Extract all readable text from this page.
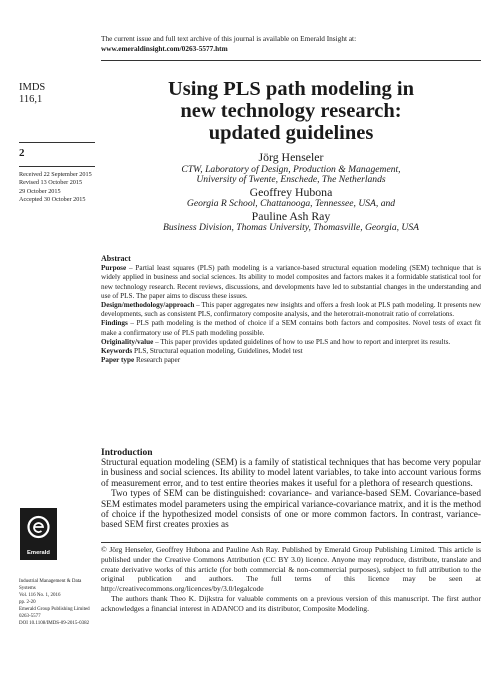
The current issue and full text archive of this journal is available on Emerald Insight at:
www.emeraldinsight.com/0263-5577.htm
IMDS
116,1
2
Received 22 September 2015
Revised 13 October 2015
29 October 2015
Accepted 30 October 2015
Using PLS path modeling in
new technology research:
updated guidelines
Jörg Henseler
CTW, Laboratory of Design, Production & Management,
University of Twente, Enschede, The Netherlands
Geoffrey Hubona
Georgia R School, Chattanooga, Tennessee, USA, and
Pauline Ash Ray
Business Division, Thomas University, Thomasville, Georgia, USA
Abstract

Purpose – Partial least squares (PLS) path modeling is a variance-based structural equation modeling (SEM) technique that is widely applied in business and social sciences. Its ability to model composites and factors makes it a formidable statistical tool for new technology research. Recent reviews, discussions, and developments have led to substantial changes in the understanding and use of PLS. The paper aims to discuss these issues.

Design/methodology/approach – This paper aggregates new insights and offers a fresh look at PLS path modeling. It presents new developments, such as consistent PLS, confirmatory composite analysis, and the heterotrait-monotrait ratio of correlations.

Findings – PLS path modeling is the method of choice if a SEM contains both factors and composites. Novel tests of exact fit make a confirmatory use of PLS path modeling possible.

Originality/value – This paper provides updated guidelines of how to use PLS and how to report and interpret its results.

Keywords PLS, Structural equation modeling, Guidelines, Model test

Paper type Research paper

Introduction

Structural equation modeling (SEM) is a family of statistical techniques that has become very popular in business and social sciences. Its ability to model latent variables, to take into account various forms of measurement error, and to test entire theories makes it useful for a plethora of research questions.

Two types of SEM can be distinguished: covariance- and variance-based SEM. Covariance-based SEM estimates model parameters using the empirical variance-covariance matrix, and it is the method of choice if the hypothesized model consists of one or more common factors. In contrast, variance-based SEM first creates proxies as

© Jörg Henseler, Geoffrey Hubona and Pauline Ash Ray. Published by Emerald Group Publishing Limited. This article is published under the Creative Commons Attribution (CC BY 3.0) licence. Anyone may reproduce, distribute, translate and create derivative works of this article (for both commercial & non-commercial purposes), subject to full attribution to the original publication and authors. The full terms of this licence may be seen at http://creativecommons.org/licences/by/3.0/legalcode

The authors thank Theo K. Dijkstra for valuable comments on a previous version of this manuscript. The first author acknowledges a financial interest in ADANCO and its distributor, Composite Modeling.

Emerald
Industrial Management & Data
Systems
Vol. 116 No. 1, 2016
pp. 2-20
Emerald Group Publishing Limited
0263-5577
DOI 10.1108/IMDS-09-2015-0382
